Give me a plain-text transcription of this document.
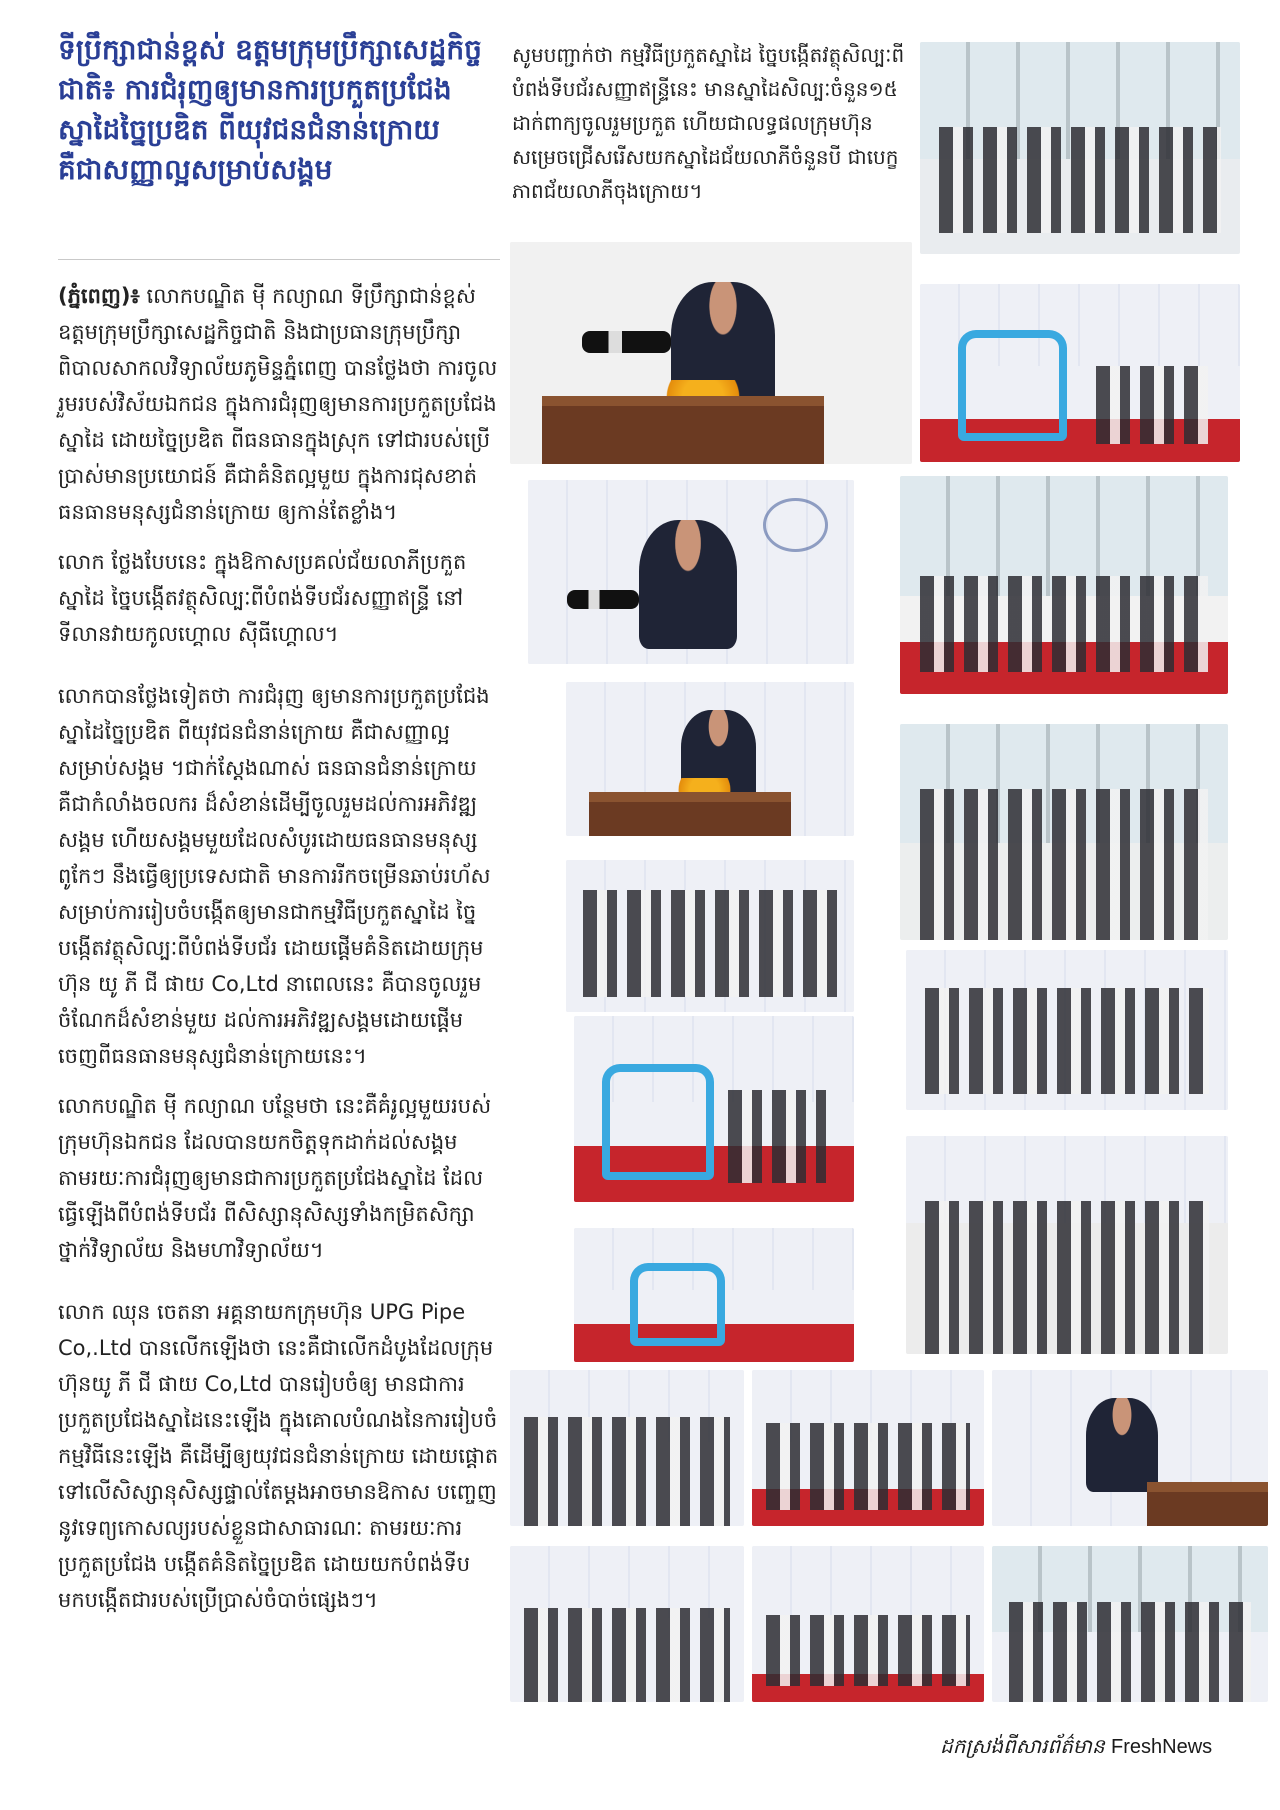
ទីប្រឹក្សាជាន់ខ្ពស់ ឧត្តមក្រុមប្រឹក្សាសេដ្ឋកិច្ចជាតិ៖ ការជំរុញឲ្យមានការប្រកួតប្រជែងស្នាដៃច្នៃប្រឌិត ពីយុវជនជំនាន់ក្រោយ គឺជាសញ្ញាល្អសម្រាប់សង្គម

សូមបញ្ជាក់ថា កម្មវិធីប្រកួតស្នាដៃ ច្នៃបង្កើតវត្ថុសិល្បៈពីបំពង់ទីបជ័រសញ្ញាឥន្រ្ទីនេះ មានស្នាដៃសិល្បៈចំនួន១៥ ដាក់ពាក្យចូលរួមប្រកួត ហើយជាលទ្ធផលក្រុមហ៊ុន សម្រេចជ្រើសរើសយកស្នាដៃជ័យលាភីចំនួនបី ជាបេក្ខភាពជ័យលាភីចុងក្រោយ។

(ភ្នំពេញ)៖ លោកបណ្ឌិត ម៉ី កល្យាណ ទីប្រឹក្សាជាន់ខ្ពស់ ឧត្តមក្រុមប្រឹក្សាសេដ្ឋកិច្ចជាតិ និងជាប្រធានក្រុមប្រឹក្សាពិបាលសាកលវិទ្យាល័យភូមិន្ទភ្នំពេញ បានថ្លែងថា ការចូលរួមរបស់វិស័យឯកជន ក្នុងការជំរុញឲ្យមានការប្រកួតប្រជែងស្នាដៃ ដោយច្នៃប្រឌិត ពីធនធានក្នុងស្រុក ទៅជារបស់ប្រើប្រាស់មានប្រយោជន៍ គឺជាគំនិតល្អមួយ ក្នុងការជុសខាត់ធនធានមនុស្សជំនាន់ក្រោយ ឲ្យកាន់តែខ្លាំង។

លោក ថ្លែងបែបនេះ ក្នុងឱកាសប្រគល់ជ័យលាភីប្រកួតស្នាដៃ ច្នៃបង្កើតវត្ថុសិល្បៈពីបំពង់ទីបជ័រសញ្ញាឥន្រ្ទី នៅទីលានវាយកូលហ្គោល ស៊ីធីហ្គោល។

លោកបានថ្លែងទៀតថា ការជំរុញ ឲ្យមានការប្រកួតប្រជែង ស្នាដៃច្នៃប្រឌិត ពីយុវជនជំនាន់ក្រោយ គឺជាសញ្ញាល្អសម្រាប់សង្គម ។ជាក់ស្តែងណាស់ ធនធានជំនាន់ក្រោយ គឺជាកំលាំងចលករ ដ៏សំខាន់ដើម្បីចូលរួមដល់ការអភិវឌ្ឍសង្គម ហើយសង្គមមួយដែលសំបូរដោយធនធានមនុស្សពូកែៗ នឹងធ្វើឲ្យប្រទេសជាតិ មានការរីកចម្រើនឆាប់រហ័ស សម្រាប់ការរៀបចំបង្កើតឲ្យមានជាកម្មវិធីប្រកួតស្នាដៃ ច្នៃបង្កើតវត្ថុសិល្បៈពីបំពង់ទីបជ័រ ដោយផ្តើមគំនិតដោយក្រុមហ៊ុន យូ ភី ជី ផាយ Co,Ltd នាពេលនេះ គឺបានចូលរួមចំណែកដ៏សំខាន់មួយ ដល់ការអភិវឌ្ឍសង្គមដោយផ្តើមចេញពីធនធានមនុស្សជំនាន់ក្រោយនេះ។

លោកបណ្ឌិត ម៉ី កល្យាណ បន្ថែមថា នេះគឺគំរូល្អមួយរបស់ក្រុមហ៊ុនឯកជន ដែលបានយកចិត្តទុកដាក់ដល់សង្គមតាមរយៈការជំរុញឲ្យមានជាការប្រកួតប្រជែងស្នាដៃ ដែលធ្វើឡើងពីបំពង់ទីបជ័រ ពីសិស្សានុសិស្សទាំងកម្រិតសិក្សាថ្នាក់វិទ្យាល័យ និងមហាវិទ្យាល័យ។

លោក ឈុន ចេតនា អគ្គនាយកក្រុមហ៊ុន UPG Pipe Co,.Ltd បានលើកឡើងថា នេះគឺជាលើកដំបូងដែលក្រុមហ៊ុនយូ ភី ជី ផាយ Co,Ltd បានរៀបចំឲ្យ មានជាការ ប្រកួតប្រជែងស្នាដៃនេះឡើង ក្នុងគោលបំណងនៃការរៀបចំកម្មវិធីនេះឡើង គឺដើម្បីឲ្យយុវជនជំនាន់ក្រោយ ដោយផ្តោតទៅលើសិស្សានុសិស្សផ្ទាល់តែម្តងអាចមានឱកាស បញ្ចេញនូវទេព្យកោសល្យរបស់ខ្លួនជាសាធារណៈ តាមរយៈការប្រកួតប្រជែង បង្កើតគំនិតច្នៃប្រឌិត ដោយយកបំពង់ទីប មកបង្កើតជារបស់ប្រើប្រាស់ចំបាច់ផ្សេងៗ។

ដកស្រង់ពីសារព័ត៌មាន FreshNews
